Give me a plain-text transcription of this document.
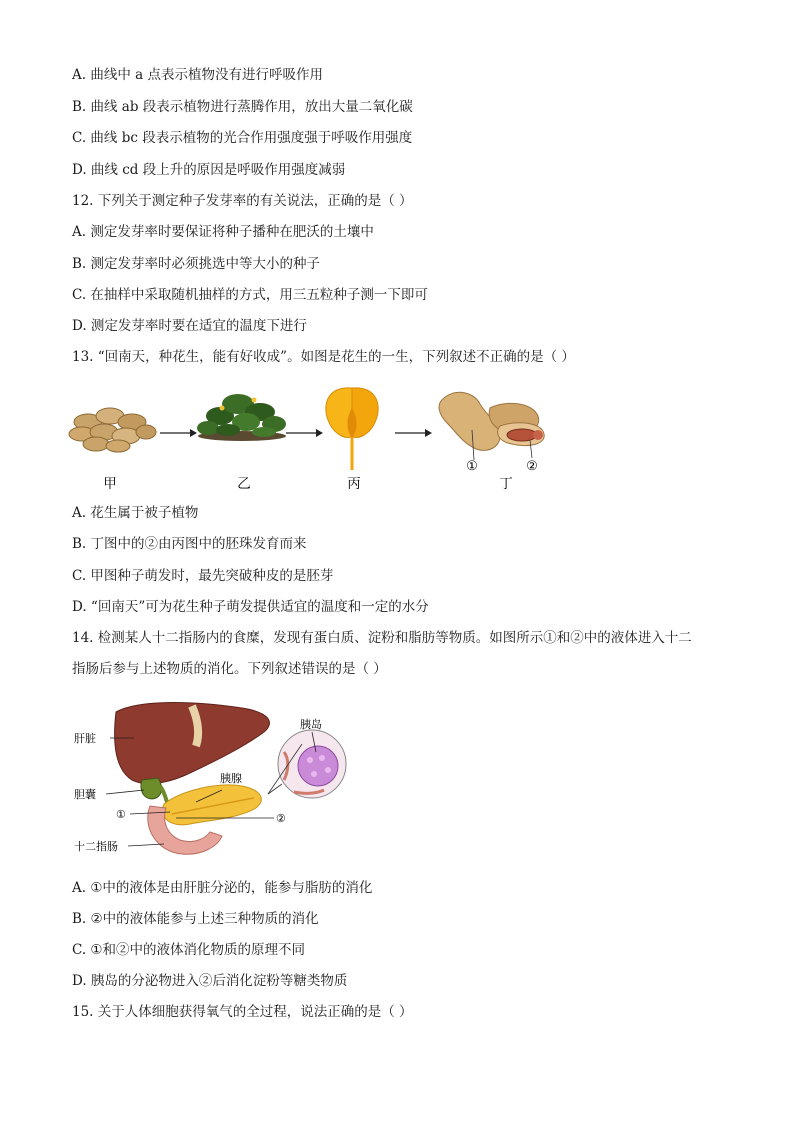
A. 曲线中 a 点表示植物没有进行呼吸作用
B. 曲线 ab 段表示植物进行蒸腾作用，放出大量二氧化碳
C. 曲线 bc 段表示植物的光合作用强度强于呼吸作用强度
D. 曲线 cd 段上升的原因是呼吸作用强度减弱
12. 下列关于测定种子发芽率的有关说法，正确的是（ ）
A. 测定发芽率时要保证将种子播种在肥沃的土壤中
B. 测定发芽率时必须挑选中等大小的种子
C. 在抽样中采取随机抽样的方式，用三五粒种子测一下即可
D. 测定发芽率时要在适宜的温度下进行
13. “回南天，种花生，能有好收成”。如图是花生的一生，下列叙述不正确的是（ ）
①	②
甲	乙	丙	丁
A. 花生属于被子植物
B. 丁图中的②由丙图中的胚珠发育而来
C. 甲图种子萌发时，最先突破种皮的是胚芽
D. “回南天”可为花生种子萌发提供适宜的温度和一定的水分
14. 检测某人十二指肠内的食糜，发现有蛋白质、淀粉和脂肪等物质。如图所示①和②中的液体进入十二
指肠后参与上述物质的消化。下列叙述错误的是（ ）
肝脏
胆囊
十二指肠
胰腺
胰岛
①	②
A. ①中的液体是由肝脏分泌的，能参与脂肪的消化
B. ②中的液体能参与上述三种物质的消化
C. ①和②中的液体消化物质的原理不同
D. 胰岛的分泌物进入②后消化淀粉等糖类物质
15. 关于人体细胞获得氧气的全过程，说法正确的是（ ）
